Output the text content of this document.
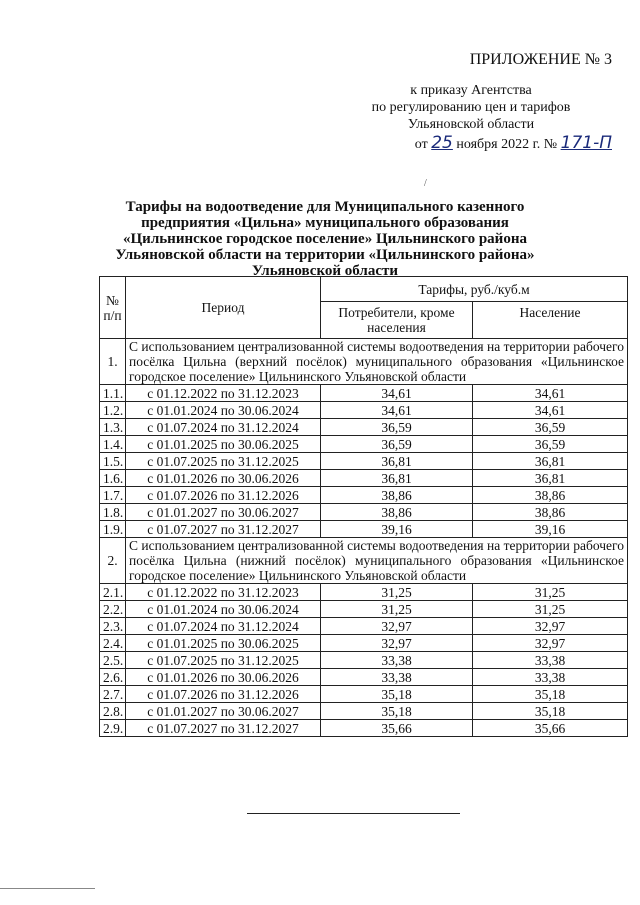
ПРИЛОЖЕНИЕ № 3
к приказу Агентства
по регулированию цен и тарифов
Ульяновской области
от 25 ноября 2022 г. № 171-П
/
Тарифы на водоотведение для Муниципального казенного предприятия «Цильна» муниципального образования «Цильнинское городское поселение» Цильнинского района Ульяновской области на территории «Цильнинского района» Ульяновской области
№ п/п	Период	Тарифы, руб./куб.м	
		Потребители, кроме населения	Население
1.	С использованием централизованной системы водоотведения на территории рабочего посёлка Цильна (верхний посёлок) муниципального образования «Цильнинское городское поселение» Цильнинского Ульяновской области		
1.1.	с 01.12.2022 по 31.12.2023	34,61	34,61
1.2.	с 01.01.2024 по 30.06.2024	34,61	34,61
1.3.	с 01.07.2024 по 31.12.2024	36,59	36,59
1.4.	с 01.01.2025 по 30.06.2025	36,59	36,59
1.5.	с 01.07.2025 по 31.12.2025	36,81	36,81
1.6.	с 01.01.2026 по 30.06.2026	36,81	36,81
1.7.	с 01.07.2026 по 31.12.2026	38,86	38,86
1.8.	с 01.01.2027 по 30.06.2027	38,86	38,86
1.9.	с 01.07.2027 по 31.12.2027	39,16	39,16
2.	С использованием централизованной системы водоотведения на территории рабочего посёлка Цильна (нижний посёлок) муниципального образования «Цильнинское городское поселение» Цильнинского Ульяновской области		
2.1.	с 01.12.2022 по 31.12.2023	31,25	31,25
2.2.	с 01.01.2024 по 30.06.2024	31,25	31,25
2.3.	с 01.07.2024 по 31.12.2024	32,97	32,97
2.4.	с 01.01.2025 по 30.06.2025	32,97	32,97
2.5.	с 01.07.2025 по 31.12.2025	33,38	33,38
2.6.	с 01.01.2026 по 30.06.2026	33,38	33,38
2.7.	с 01.07.2026 по 31.12.2026	35,18	35,18
2.8.	с 01.01.2027 по 30.06.2027	35,18	35,18
2.9.	с 01.07.2027 по 31.12.2027	35,66	35,66
